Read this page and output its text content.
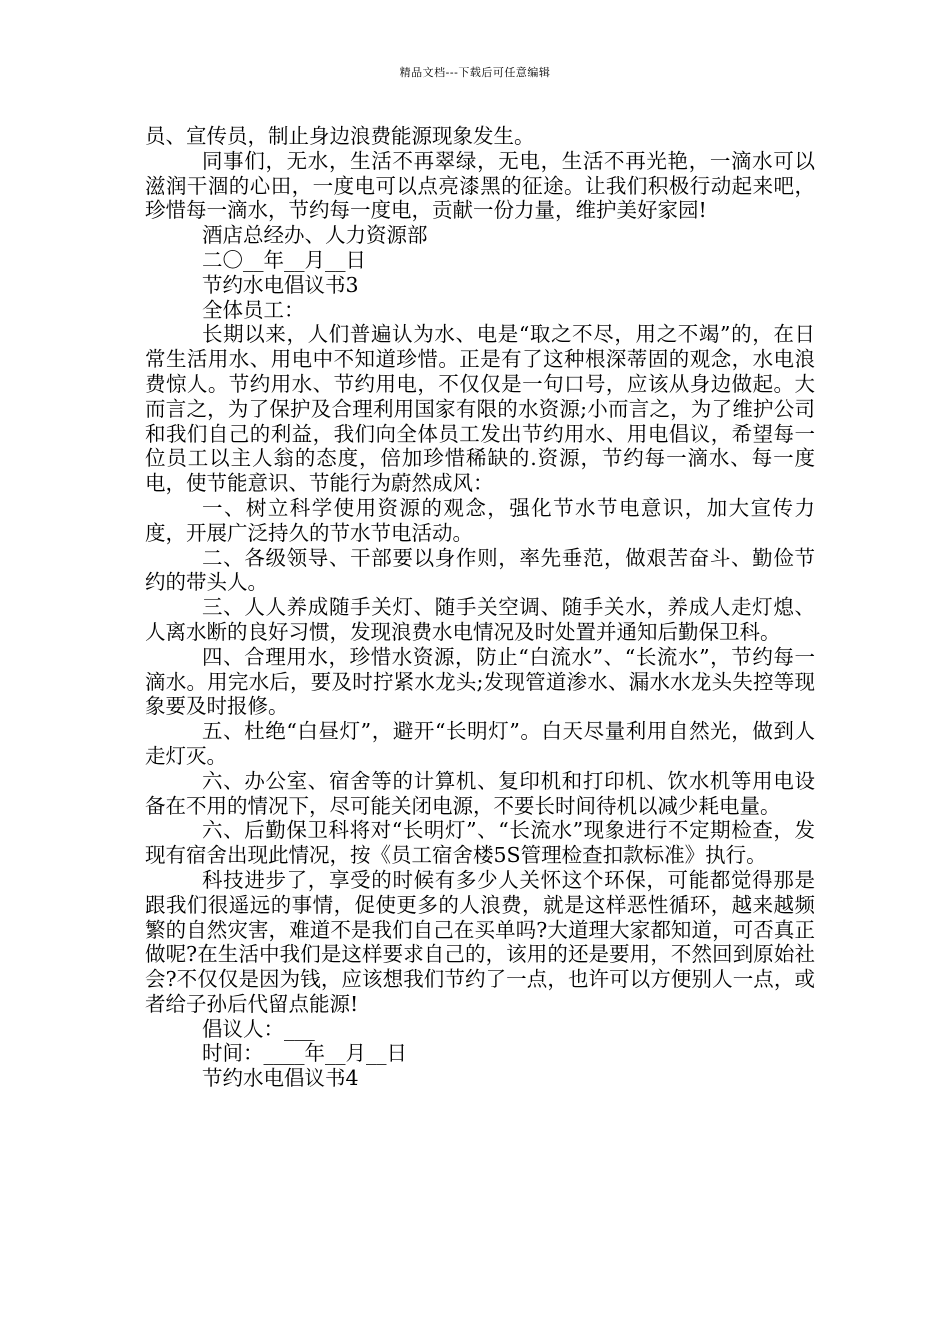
精品文档---下载后可任意编辑

员、宣传员，制止身边浪费能源现象发生。

同事们，无水，生活不再翠绿，无电，生活不再光艳，一滴水可以滋润干涸的心田，一度电可以点亮漆黑的征途。让我们积极行动起来吧，珍惜每一滴水，节约每一度电，贡献一份力量，维护美好家园!

酒店总经办、人力资源部

二〇__年__月__日

节约水电倡议书3

全体员工：

长期以来，人们普遍认为水、电是“取之不尽，用之不竭”的，在日常生活用水、用电中不知道珍惜。正是有了这种根深蒂固的观念，水电浪费惊人。节约用水、节约用电，不仅仅是一句口号，应该从身边做起。大而言之，为了保护及合理利用国家有限的水资源;小而言之，为了维护公司和我们自己的利益，我们向全体员工发出节约用水、用电倡议，希望每一位员工以主人翁的态度，倍加珍惜稀缺的.资源，节约每一滴水、每一度电，使节能意识、节能行为蔚然成风：

一、树立科学使用资源的观念，强化节水节电意识，加大宣传力度，开展广泛持久的节水节电活动。

二、各级领导、干部要以身作则，率先垂范，做艰苦奋斗、勤俭节约的带头人。

三、人人养成随手关灯、随手关空调、随手关水，养成人走灯熄、人离水断的良好习惯，发现浪费水电情况及时处置并通知后勤保卫科。

四、合理用水，珍惜水资源，防止“白流水”、“长流水”，节约每一滴水。用完水后，要及时拧紧水龙头;发现管道渗水、漏水水龙头失控等现象要及时报修。

五、杜绝“白昼灯”，避开“长明灯”。白天尽量利用自然光，做到人走灯灭。

六、办公室、宿舍等的计算机、复印机和打印机、饮水机等用电设备在不用的情况下，尽可能关闭电源，不要长时间待机以减少耗电量。

六、后勤保卫科将对“长明灯”、“长流水”现象进行不定期检查，发现有宿舍出现此情况，按《员工宿舍楼5S管理检查扣款标准》执行。

科技进步了，享受的时候有多少人关怀这个环保，可能都觉得那是跟我们很遥远的事情，促使更多的人浪费，就是这样恶性循环，越来越频繁的自然灾害，难道不是我们自己在买单吗?大道理大家都知道，可否真正做呢?在生活中我们是这样要求自己的，该用的还是要用，不然回到原始社会?不仅仅是因为钱，应该想我们节约了一点，也许可以方便别人一点，或者给子孙后代留点能源!

倡议人：___

时间：____年__月__日

节约水电倡议书4
